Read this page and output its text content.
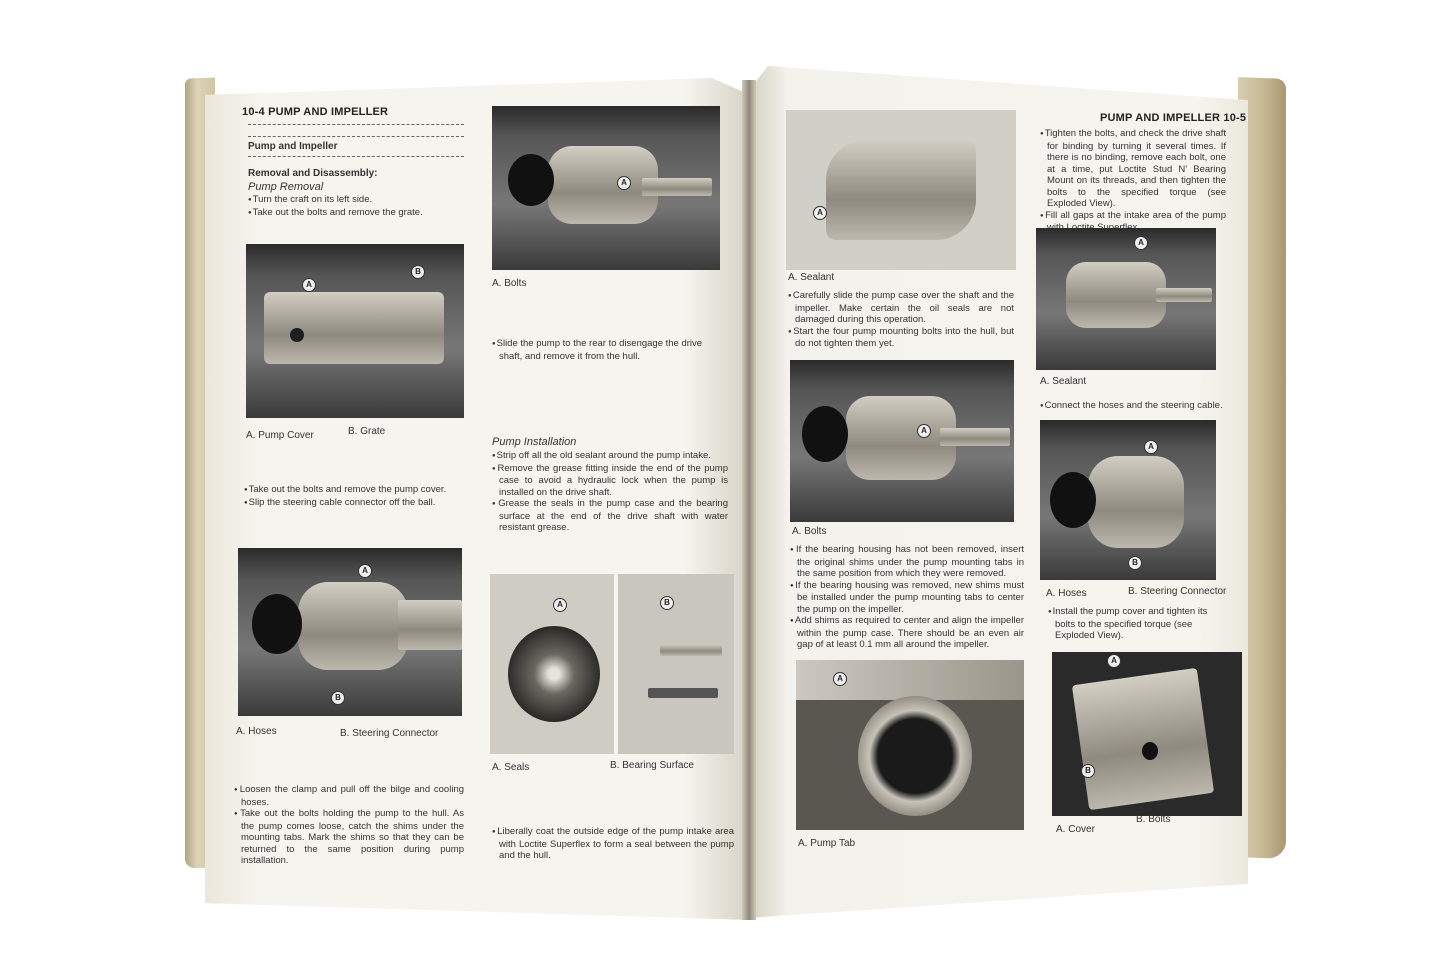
10-4 PUMP AND IMPELLER
Pump and Impeller
Removal and Disassembly:
Pump Removal
● Turn the craft on its left side.
● Take out the bolts and remove the grate.
A
B
A. Pump Cover	B. Grate
● Take out the bolts and remove the pump cover.
● Slip the steering cable connector off the ball.
A
B
A. Hoses	B. Steering Connector
● Loosen the clamp and pull off the bilge and cooling hoses.
● Take out the bolts holding the pump to the hull. As the pump comes loose, catch the shims under the mounting tabs. Mark the shims so that they can be returned to the same position during pump installation.
A
A. Bolts
● Slide the pump to the rear to disengage the drive shaft, and remove it from the hull.
Pump Installation
● Strip off all the old sealant around the pump intake.
● Remove the grease fitting inside the end of the pump case to avoid a hydraulic lock when the pump is installed on the drive shaft.
● Grease the seals in the pump case and the bearing surface at the end of the drive shaft with water resistant grease.
A	B
A. Seals	B. Bearing Surface
● Liberally coat the outside edge of the pump intake area with Loctite Superflex to form a seal between the pump and the hull.
PUMP AND IMPELLER 10-5
A
A. Sealant
● Carefully slide the pump case over the shaft and the impeller. Make certain the oil seals are not damaged during this operation.
● Start the four pump mounting bolts into the hull, but do not tighten them yet.
A
A. Bolts
● If the bearing housing has not been removed, insert the original shims under the pump mounting tabs in the same position from which they were removed.
● If the bearing housing was removed, new shims must be installed under the pump mounting tabs to center the pump on the impeller.
● Add shims as required to center and align the impeller within the pump case. There should be an even air gap of at least 0.1 mm all around the impeller.
A
A. Pump Tab
● Tighten the bolts, and check the drive shaft for binding by turning it several times. If there is no binding, remove each bolt, one at a time, put Loctite Stud N' Bearing Mount on its threads, and then tighten the bolts to the specified torque (see Exploded View).
● Fill all gaps at the intake area of the pump
A
A. Sealant
● Connect the hoses and the steering cable.
A
B
A. Hoses	B. Steering Connector
● Install the pump cover and tighten its bolts to the specified torque (see Exploded View).
A
B
A. Cover
B. Bolts
